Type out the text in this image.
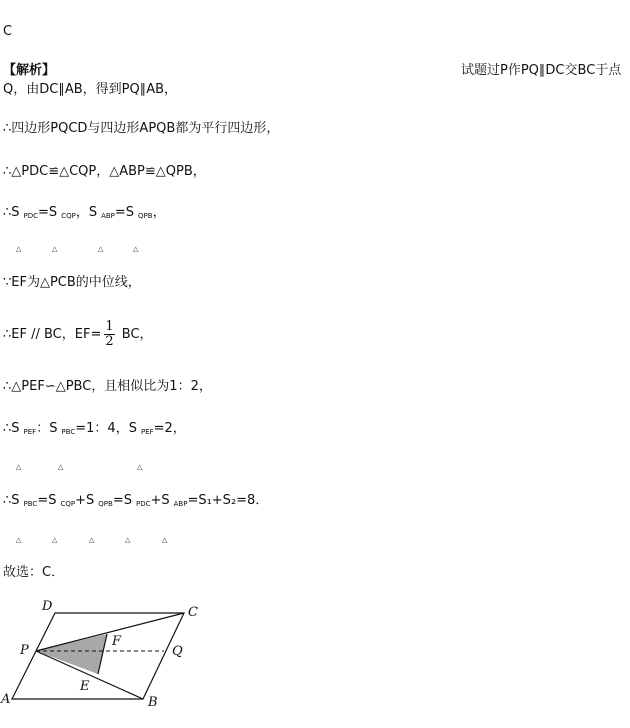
C
【解析】	试题过P作PQ∥DC交BC于点
Q，由DC∥AB，得到PQ∥AB，
∴四边形PQCD与四边形APQB都为平行四边形，
∴△PDC≌△CQP，△ABP≌△QPB，
∴S $_{PDC}$=S $_{CQP}$，S $_{ABP}$=S $_{QPB}$，
△	△	△	△
∵EF为△PCB的中位线，
∴EF // BC，$EF= \frac{1}{2}$ BC，
∴△PEF∽△PBC，且相似比为1：2，
∴S $_{PEF}$：S $_{PBC}$=1：4，S $_{PEF}$=2，
△	△	△
∴S $_{PBC}$=S $_{CQP}$+S $_{QPB}$=S $_{PDC}$+S $_{ABP}$=S₁+S₂=8．
△	△	△	△	△
故选：C．
D	C
P
F
Q
E
A	B
